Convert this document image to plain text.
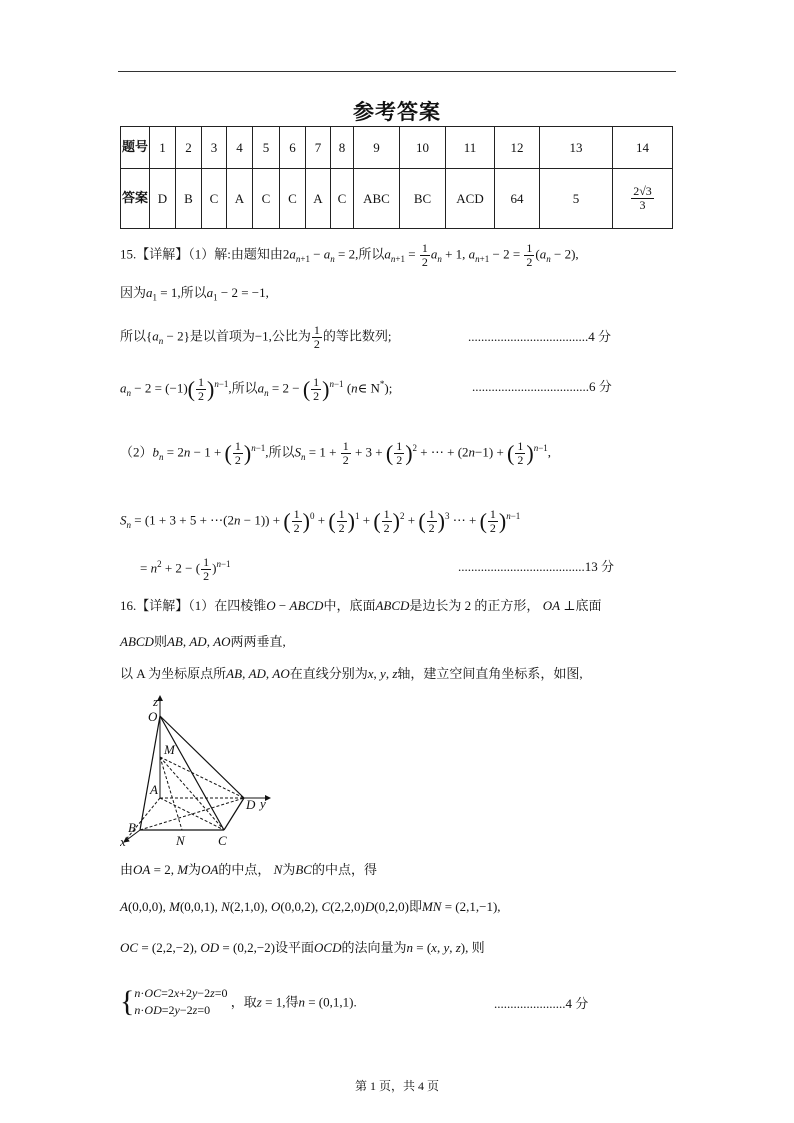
参考答案
题号	1	2	3	4	5	6	7	8	9	10	11	12	13	14
答案	D	B	C	A	C	C	A	C	ABC	BC	ACD	64	5	$\frac{2√3}{3}$
15.【详解】（1）解:由题知由$2a_{n+1} - a_n = 2$,所以$a_{n+1} = \frac{1}{2} a_n + 1$, $a_{n+1} - 2 = \frac{1}{2} (a_n - 2)$,
因为$a_1 = 1$,所以$a_1 - 2 = -1$,
所以$\{a_n - 2\}$是以首项为−1,公比为 $\frac{1}{2}$ 的等比数列;	.....................................4 分
$a_n - 2 = (-1)( \frac{1}{2} )^{n-1}$,所以$a_n = 2$ − ( $\frac{1}{2} )^{n-1}$ (n∈ N*);	....................................6 分
$(2)b_n = 2n - 1$ + ( $\frac{1}{2} )^{n-1}$,所以$S_n = 1 + \frac{1}{2} + 3$ + ( $\frac{1}{2} )^2$ + ⋯ + (2n−1) + ( $\frac{1}{2} )^{n-1}$,
$S_n = (1 + 3 + 5$ + ⋯(2n − 1)) + ( $\frac{1}{2} )^0$ + ( $\frac{1}{2} )^1$ + ( $\frac{1}{2} )^2$ + ( $\frac{1}{2} )^3$ ⋯ + ( $\frac{1}{2} )^{n-1}$
= $n^2 + 2$ − ( $\frac{1}{2} )^{n-1}$	.......................................13 分
16.【详解】（1）在四棱锥O − ABCD中，底面ABCD是边长为 2 的正方形， OA ⊥底面
ABCD则AB, AD, AO两两垂直,
以 A 为坐标原点所AB, AD, AO在直线分别为x, y, z轴，建立空间直角坐标系，如图,
z
O
M
A
D y
B
N	C
x
由OA = 2, M为OA的中点， N为BC的中点，得
A(0,0,0), M(0,0,1), N(2,1,0), O(0,0,2), C(2,2,0)D(0,2,0)即MN = (2,1,−1),
OC = (2,2,−2), OD = (0,2,−2)设平面OCD的法向量为n = (x, y, z), 则
{n·OC=2x+2y−2z=0
n·OD=2y−2z=0 ，取z = 1,得n = (0,1,1).	......................4 分
第 1 页，共 4 页
